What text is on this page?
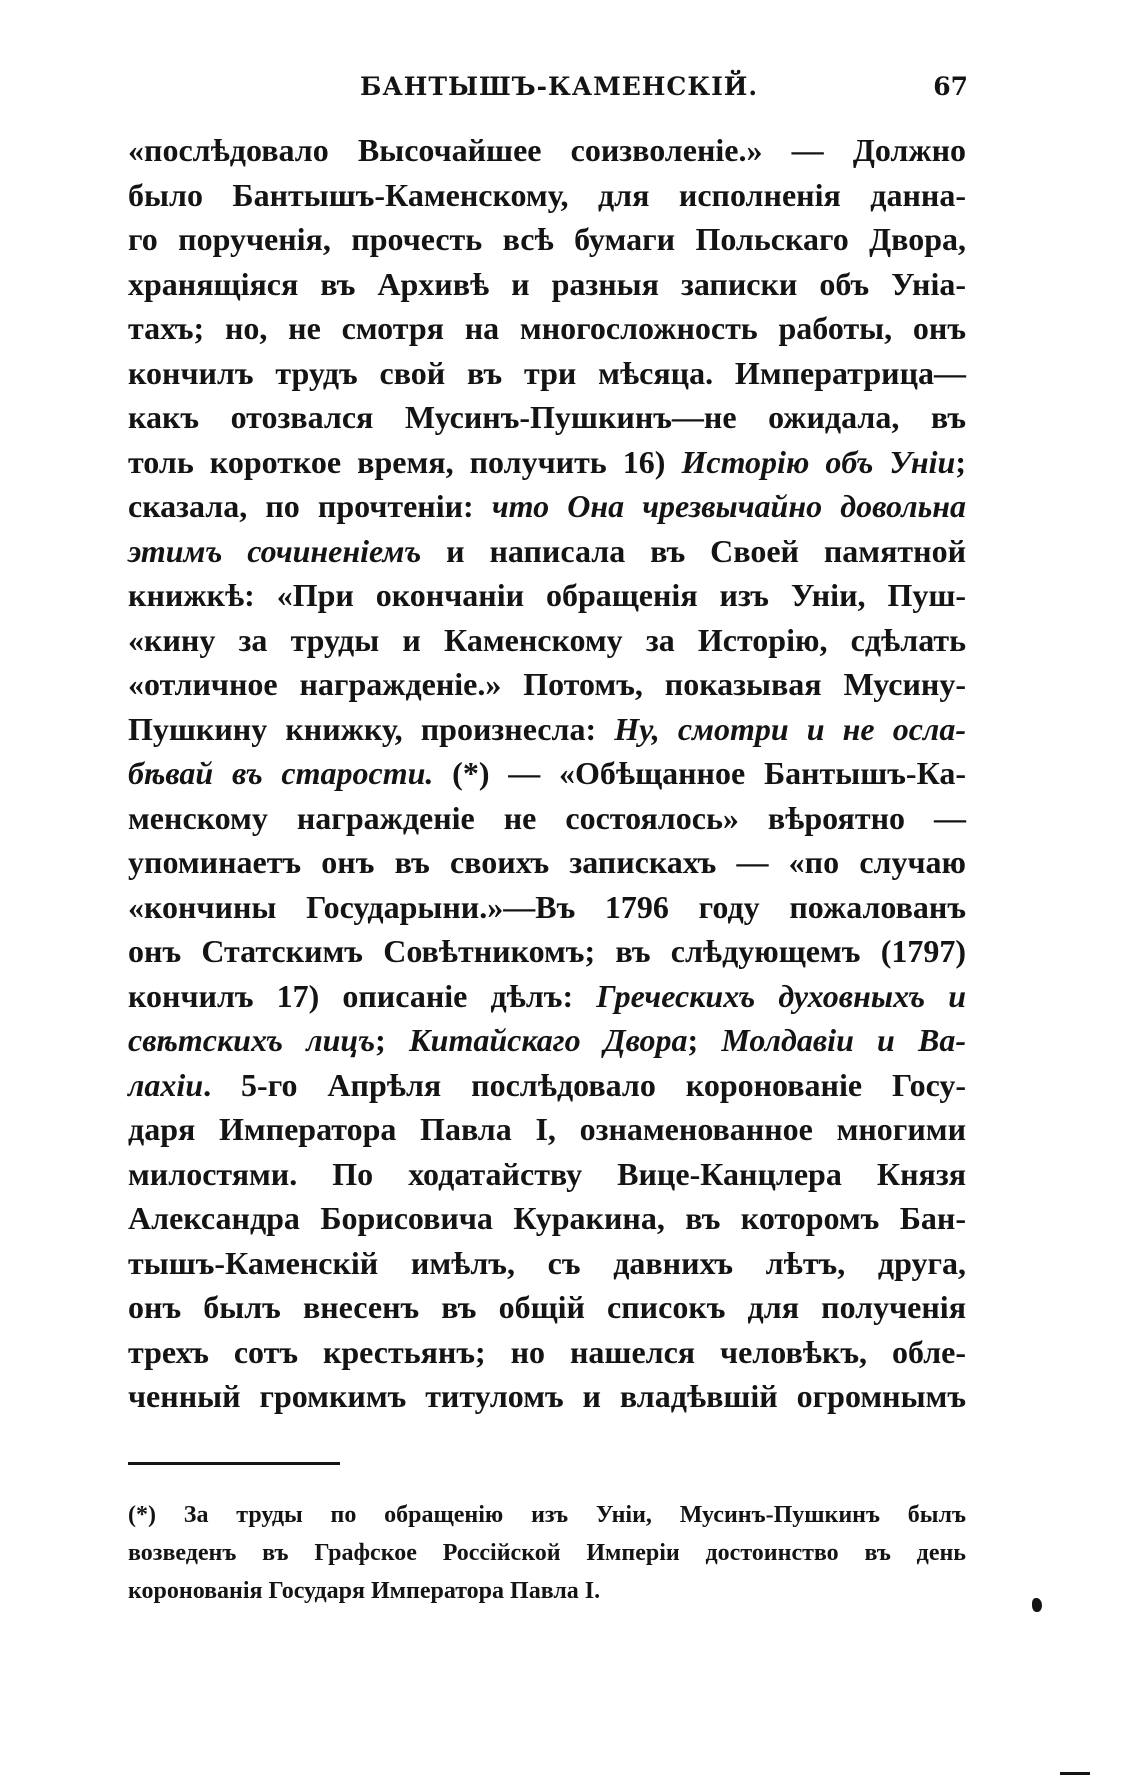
БАНТЫШЪ-КАМЕНСКІЙ.	67
«послѣдовало Высочайшее соизволеніе.» — Должно
было Бантышъ-Каменскому, для исполненія данна-
го порученія, прочесть всѣ бумаги Польскаго Двора,
хранящіяся въ Архивѣ и разныя записки объ Уніа-
тахъ; но, не смотря на многосложность работы, онъ
кончилъ трудъ свой въ три мѣсяца. Императрица—
какъ отозвался Мусинъ-Пушкинъ—не ожидала, въ
толь короткое время, получить 16) Исторію объ Уніи;
сказала, по прочтеніи: что Она чрезвычайно довольна
этимъ сочиненіемъ и написала въ Своей памятной
книжкѣ: «При окончаніи обращенія изъ Уніи, Пуш-
«кину за труды и Каменскому за Исторію, сдѣлать
«отличное награжденіе.» Потомъ, показывая Мусину-
Пушкину книжку, произнесла: Ну, смотри и не осла-
бѣвай въ старости. (*) — «Обѣщанное Бантышъ-Ка-
менскому награжденіе не состоялось» вѣроятно —
упоминаетъ онъ въ своихъ запискахъ — «по случаю
«кончины Государыни.»—Въ 1796 году пожалованъ
онъ Статскимъ Совѣтникомъ; въ слѣдующемъ (1797)
кончилъ 17) описаніе дѣлъ: Греческихъ духовныхъ и
свѣтскихъ лицъ; Китайскаго Двора; Молдавіи и Ва-
лахіи. 5-го Апрѣля послѣдовало коронованіе Госу-
даря Императора Павла I, ознаменованное многими
милостями. По ходатайству Вице-Канцлера Князя
Александра Борисовича Куракина, въ которомъ Бан-
тышъ-Каменскій имѣлъ, съ давнихъ лѣтъ, друга,
онъ былъ внесенъ въ общій списокъ для полученія
трехъ сотъ крестьянъ; но нашелся человѣкъ, обле-
ченный громкимъ титуломъ и владѣвшій огромнымъ
(*) За труды по обращенію изъ Уніи, Мусинъ-Пушкинъ былъ
возведенъ въ Графское Россійской Имперіи достоинство въ день
коронованія Государя Императора Павла I.
